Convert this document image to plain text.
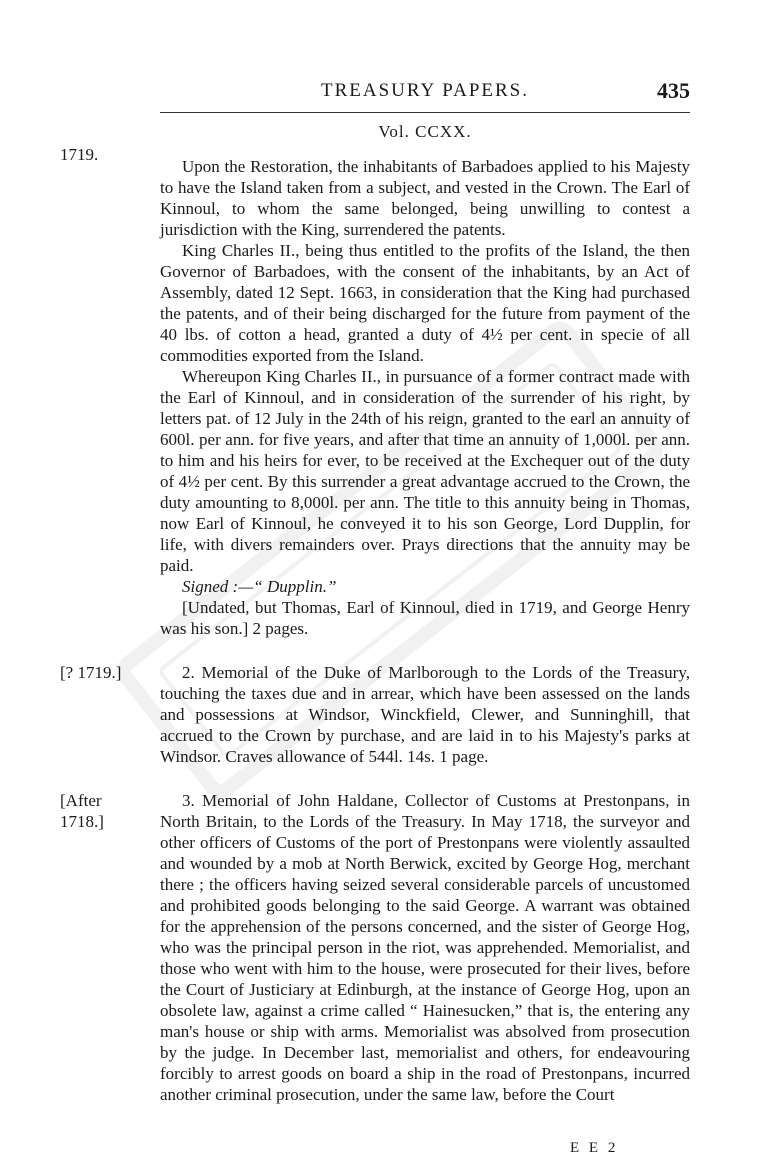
TREASURY PAPERS.	435
Vol. CCXX.
1719.

Upon the Restoration, the inhabitants of Barbadoes applied to his Majesty to have the Island taken from a subject, and vested in the Crown. The Earl of Kinnoul, to whom the same belonged, being unwilling to contest a jurisdiction with the King, surrendered the patents.

King Charles II., being thus entitled to the profits of the Island, the then Governor of Barbadoes, with the consent of the inhabitants, by an Act of Assembly, dated 12 Sept. 1663, in consideration that the King had purchased the patents, and of their being discharged for the future from payment of the 40 lbs. of cotton a head, granted a duty of 4½ per cent. in specie of all commodities exported from the Island.

Whereupon King Charles II., in pursuance of a former contract made with the Earl of Kinnoul, and in consideration of the surrender of his right, by letters pat. of 12 July in the 24th of his reign, granted to the earl an annuity of 600l. per ann. for five years, and after that time an annuity of 1,000l. per ann. to him and his heirs for ever, to be received at the Exchequer out of the duty of 4½ per cent. By this surrender a great advantage accrued to the Crown, the duty amounting to 8,000l. per ann. The title to this annuity being in Thomas, now Earl of Kinnoul, he conveyed it to his son George, Lord Dupplin, for life, with divers remainders over. Prays directions that the annuity may be paid.

Signed :—“ Dupplin.”

[Undated, but Thomas, Earl of Kinnoul, died in 1719, and George Henry was his son.] 2 pages.

[? 1719.]	2. Memorial of the Duke of Marlborough to the Lords of the Treasury, touching the taxes due and in arrear, which have been assessed on the lands and possessions at Windsor, Winckfield, Clewer, and Sunninghill, that accrued to the Crown by purchase, and are laid in to his Majesty's parks at Windsor. Craves allowance of 544l. 14s. 1 page.

[After 1718.]

3. Memorial of John Haldane, Collector of Customs at Prestonpans, in North Britain, to the Lords of the Treasury. In May 1718, the surveyor and other officers of Customs of the port of Prestonpans were violently assaulted and wounded by a mob at North Berwick, excited by George Hog, merchant there ; the officers having seized several considerable parcels of uncustomed and prohibited goods belonging to the said George. A warrant was obtained for the apprehension of the persons concerned, and the sister of George Hog, who was the principal person in the riot, was apprehended. Memorialist, and those who went with him to the house, were prosecuted for their lives, before the Court of Justiciary at Edinburgh, at the instance of George Hog, upon an obsolete law, against a crime called “ Hainesucken,” that is, the entering any man's house or ship with arms. Memorialist was absolved from prosecution by the judge. In December last, memorialist and others, for endeavouring forcibly to arrest goods on board a ship in the road of Prestonpans, incurred another criminal prosecution, under the same law, before the Court

E E 2
